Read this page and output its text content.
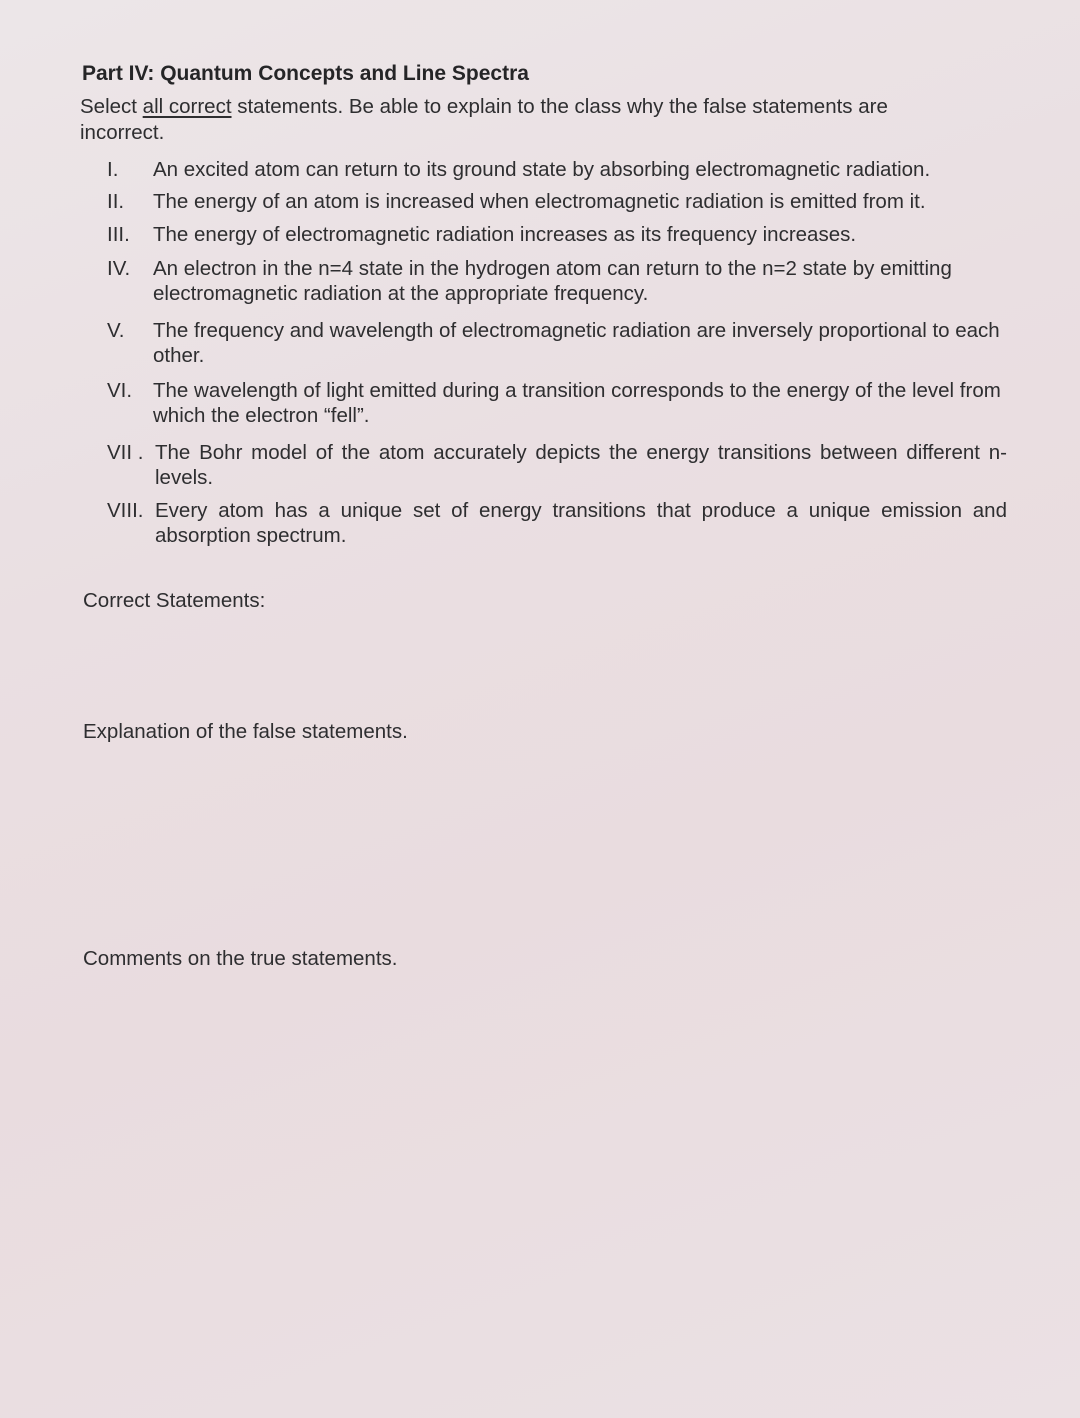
Part IV: Quantum Concepts and Line Spectra
Select all correct statements. Be able to explain to the class why the false statements are incorrect.
I.	An excited atom can return to its ground state by absorbing electromagnetic radiation.
II.	The energy of an atom is increased when electromagnetic radiation is emitted from it.
III.	The energy of electromagnetic radiation increases as its frequency increases.
IV.	An electron in the n=4 state in the hydrogen atom can return to the n=2 state by emitting electromagnetic radiation at the appropriate frequency.
V.	The frequency and wavelength of electromagnetic radiation are inversely proportional to each other.
VI.	The wavelength of light emitted during a transition corresponds to the energy of the level from which the electron “fell”.
VII . The Bohr model of the atom accurately depicts the energy transitions between different n-levels.
VIII. Every atom has a unique set of energy transitions that produce a unique emission and absorption spectrum.
Correct Statements:
Explanation of the false statements.
Comments on the true statements.
